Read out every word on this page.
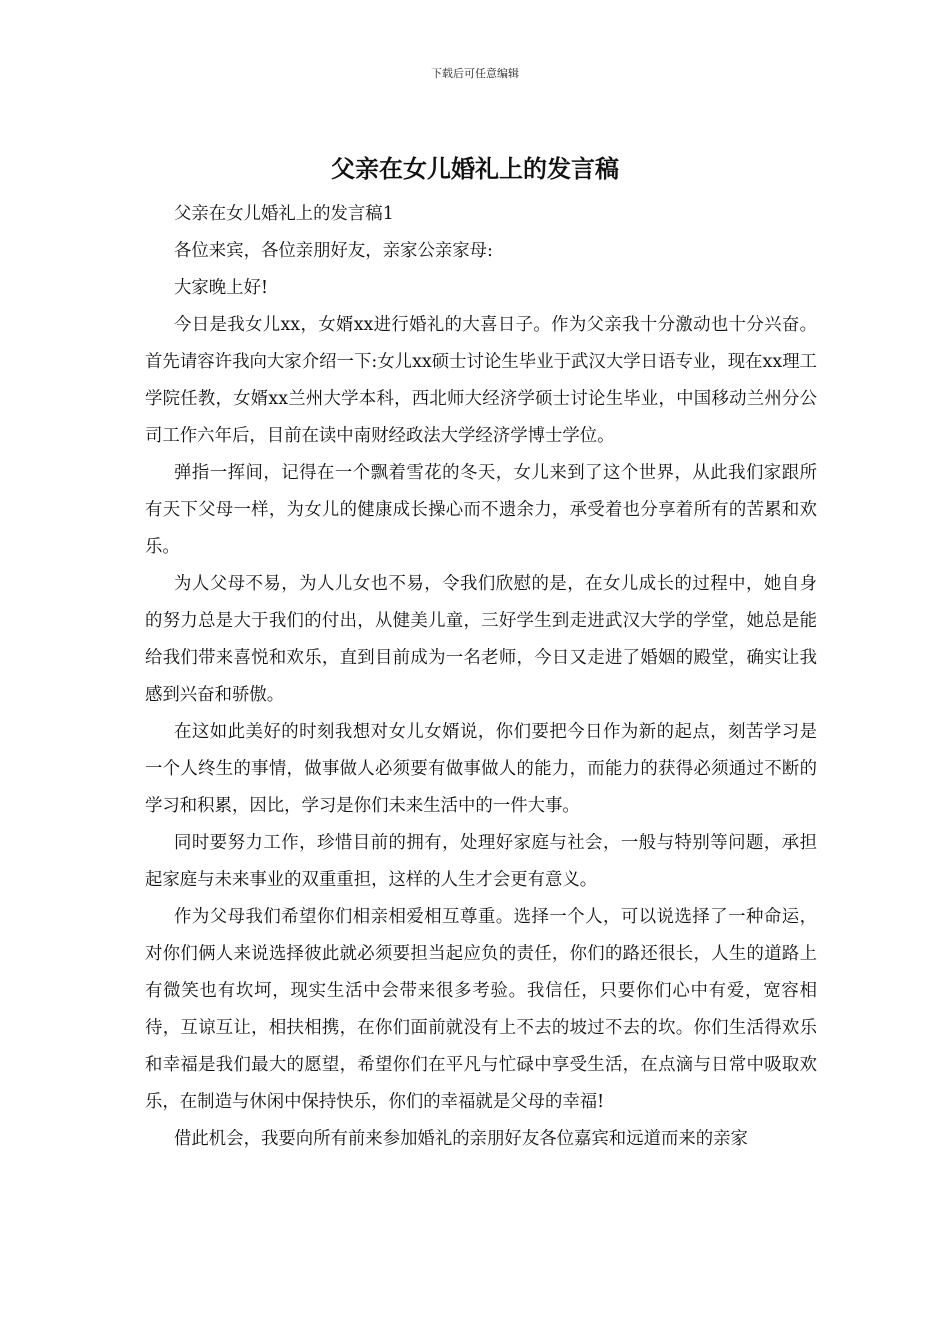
下载后可任意编辑
父亲在女儿婚礼上的发言稿

父亲在女儿婚礼上的发言稿1

各位来宾，各位亲朋好友，亲家公亲家母:

大家晚上好!

今日是我女儿xx，女婿xx进行婚礼的大喜日子。作为父亲我十分激动也十分兴奋。首先请容许我向大家介绍一下:女儿xx硕士讨论生毕业于武汉大学日语专业，现在xx理工学院任教，女婿xx兰州大学本科，西北师大经济学硕士讨论生毕业，中国移动兰州分公司工作六年后，目前在读中南财经政法大学经济学博士学位。

弹指一挥间，记得在一个飘着雪花的冬天，女儿来到了这个世界，从此我们家跟所有天下父母一样，为女儿的健康成长操心而不遗余力，承受着也分享着所有的苦累和欢乐。

为人父母不易，为人儿女也不易，令我们欣慰的是，在女儿成长的过程中，她自身的努力总是大于我们的付出，从健美儿童，三好学生到走进武汉大学的学堂，她总是能给我们带来喜悦和欢乐，直到目前成为一名老师，今日又走进了婚姻的殿堂，确实让我感到兴奋和骄傲。

在这如此美好的时刻我想对女儿女婿说，你们要把今日作为新的起点，刻苦学习是一个人终生的事情，做事做人必须要有做事做人的能力，而能力的获得必须通过不断的学习和积累，因比，学习是你们未来生活中的一件大事。

同时要努力工作，珍惜目前的拥有，处理好家庭与社会，一般与特别等问题，承担起家庭与未来事业的双重重担，这样的人生才会更有意义。

作为父母我们希望你们相亲相爱相互尊重。选择一个人，可以说选择了一种命运，对你们俩人来说选择彼此就必须要担当起应负的责任，你们的路还很长，人生的道路上有微笑也有坎坷，现实生活中会带来很多考验。我信任，只要你们心中有爱，宽容相待，互谅互让，相扶相携，在你们面前就没有上不去的坡过不去的坎。你们生活得欢乐和幸福是我们最大的愿望，希望你们在平凡与忙碌中享受生活，在点滴与日常中吸取欢乐，在制造与休闲中保持快乐，你们的幸福就是父母的幸福!

借此机会，我要向所有前来参加婚礼的亲朋好友各位嘉宾和远道而来的亲家
